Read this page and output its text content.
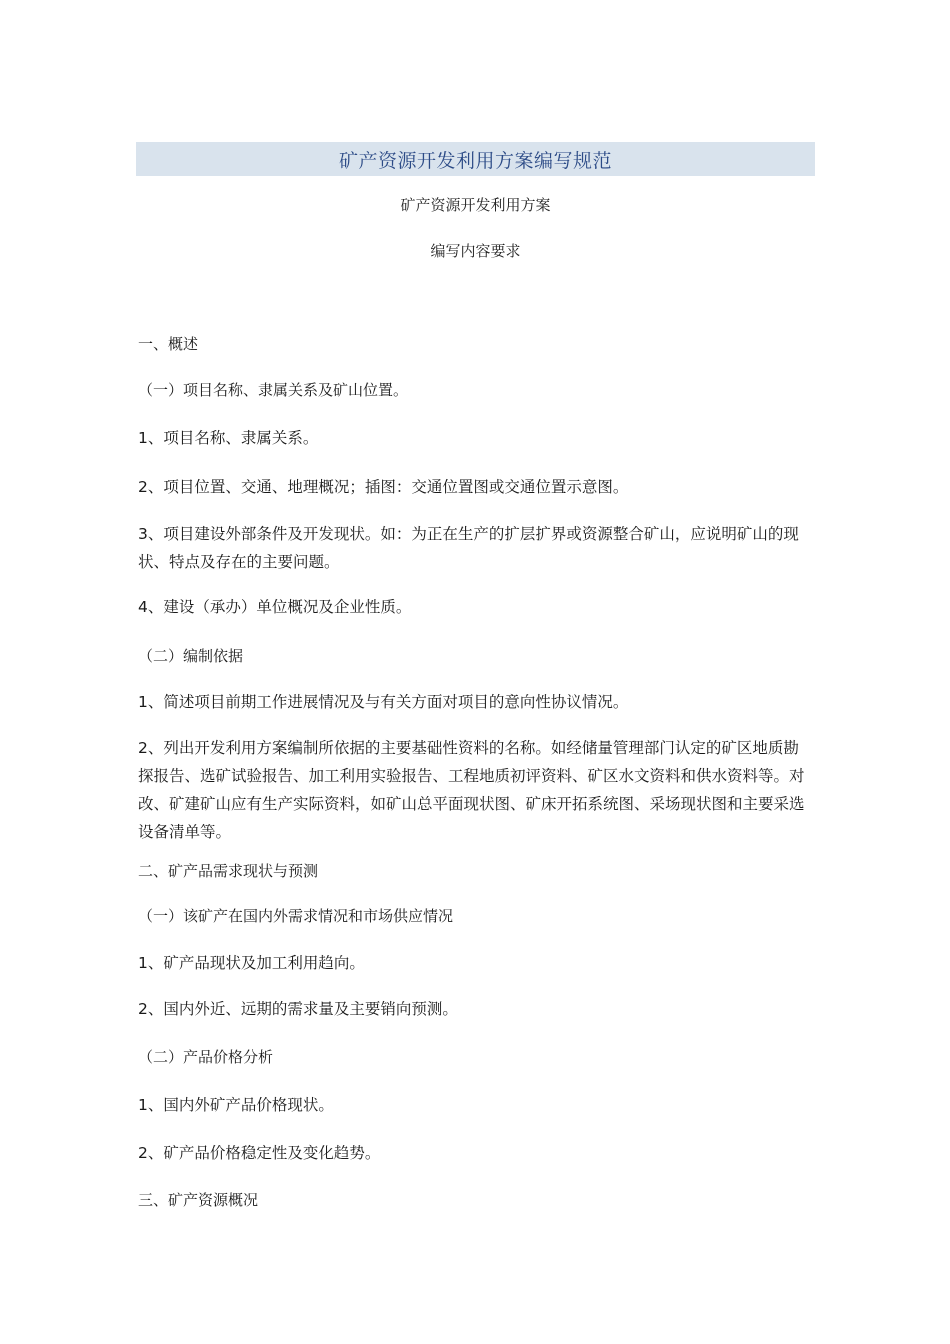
矿产资源开发利用方案编写规范
矿产资源开发利用方案
编写内容要求

一、概述

（一）项目名称、隶属关系及矿山位置。

1、项目名称、隶属关系。

2、项目位置、交通、地理概况；插图：交通位置图或交通位置示意图。

3、项目建设外部条件及开发现状。如：为正在生产的扩层扩界或资源整合矿山，应说明矿山的现状、特点及存在的主要问题。

4、建设（承办）单位概况及企业性质。

（二）编制依据

1、简述项目前期工作进展情况及与有关方面对项目的意向性协议情况。

2、列出开发利用方案编制所依据的主要基础性资料的名称。如经储量管理部门认定的矿区地质勘探报告、选矿试验报告、加工利用实验报告、工程地质初评资料、矿区水文资料和供水资料等。对改、矿建矿山应有生产实际资料，如矿山总平面现状图、矿床开拓系统图、采场现状图和主要采选设备清单等。

二、矿产品需求现状与预测

（一）该矿产在国内外需求情况和市场供应情况

1、矿产品现状及加工利用趋向。

2、国内外近、远期的需求量及主要销向预测。

（二）产品价格分析

1、国内外矿产品价格现状。

2、矿产品价格稳定性及变化趋势。

三、矿产资源概况
